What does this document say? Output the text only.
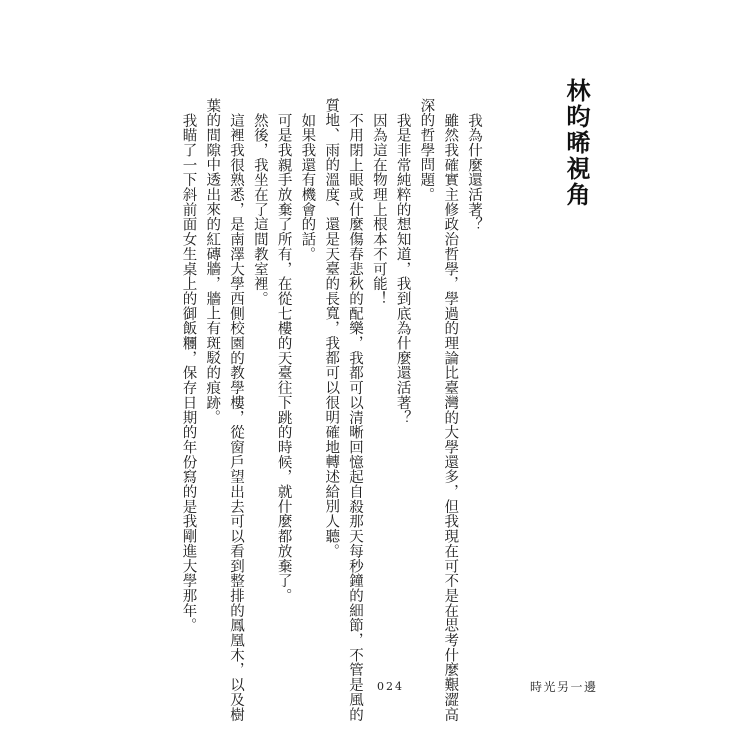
林昀晞視角

我為什麼還活著？

雖然我確實主修政治哲學，學過的理論比臺灣的大學還多，但我現在可不是在思考什麼艱澀高

深的哲學問題。

我是非常純粹的想知道，我到底為什麼還活著？

因為這在物理上根本不可能！

不用閉上眼或什麼傷春悲秋的配樂，我都可以清晰回憶起自殺那天每秒鐘的細節，不管是風的

質地、雨的溫度、還是天臺的長寬，我都可以很明確地轉述給別人聽。

如果我還有機會的話。

可是我親手放棄了所有，在從七樓的天臺往下跳的時候，就什麼都放棄了。

然後，我坐在了這間教室裡。

這裡我很熟悉，是南澤大學西側校園的教學樓，從窗戶望出去可以看到整排的鳳凰木，以及樹

葉的間隙中透出來的紅磚牆，牆上有斑駁的痕跡。

我瞄了一下斜前面女生桌上的御飯糰，保存日期的年份寫的是我剛進大學那年。

024	時光另一邊
